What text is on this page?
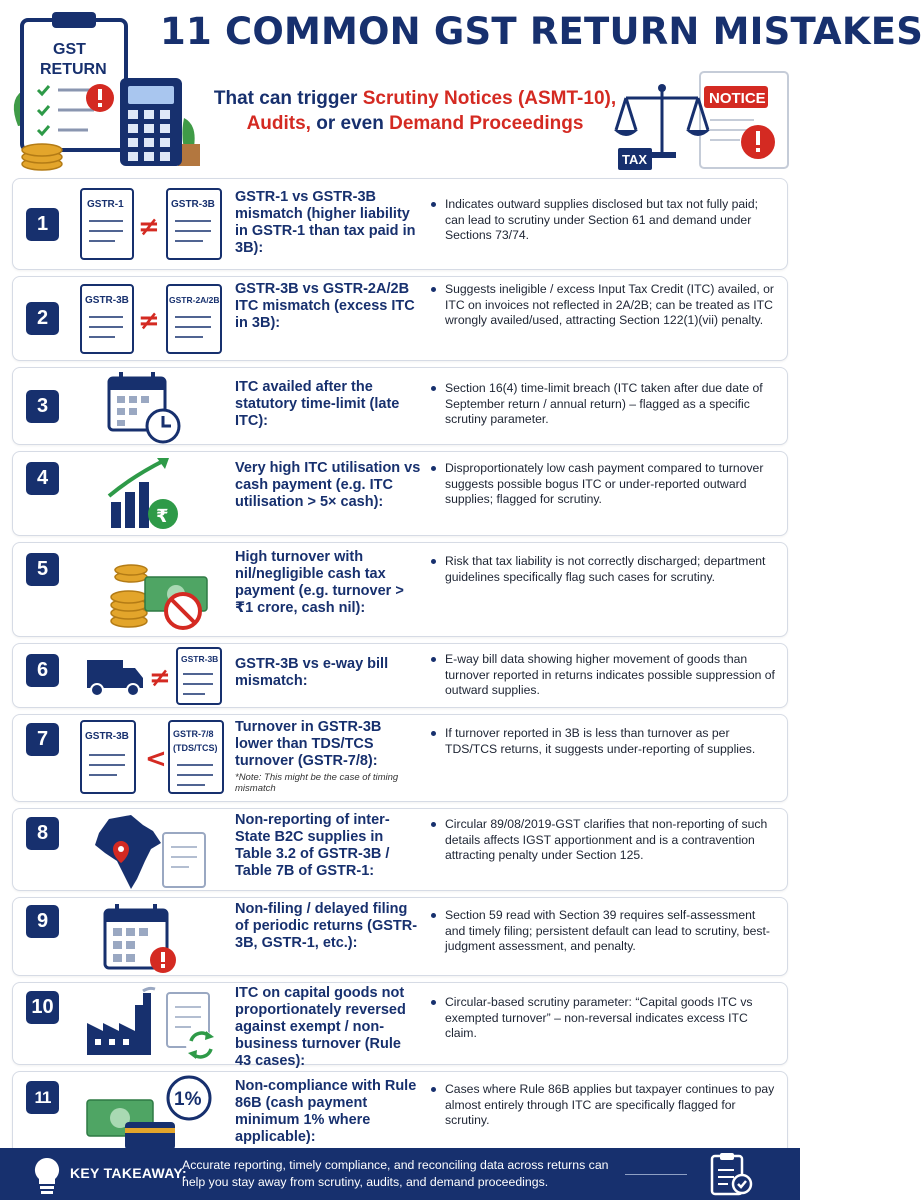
GST
RETURN
11 COMMON GST RETURN MISTAKES
That can trigger Scrutiny Notices (ASMT-10),
Audits, or even Demand Proceedings
NOTICE
TAX
1
GSTR-1
≠
GSTR-3B GSTR-1 vs GSTR-3B mismatch (higher liability in GSTR-1 than tax paid in 3B):
Indicates outward supplies disclosed but tax not fully paid; can lead to scrutiny under Section 61 and demand under Sections 73/74.
2
GSTR-3B
≠
GSTR-2A/2B
GSTR-3B vs GSTR-2A/2B ITC mismatch (excess ITC in 3B):
Suggests ineligible / excess Input Tax Credit (ITC) availed, or ITC on invoices not reflected in 2A/2B; can be treated as ITC wrongly availed/used, attracting Section 122(1)(vii) penalty.
3
ITC availed after the statutory time-limit (late ITC):
Section 16(4) time-limit breach (ITC taken after due date of September return / annual return) – flagged as a specific scrutiny parameter.
4
₹
Very high ITC utilisation vs cash payment (e.g. ITC utilisation > 5× cash):
Disproportionately low cash payment compared to turnover suggests possible bogus ITC or under-reported outward supplies; flagged for scrutiny.
5
High turnover with nil/negligible cash tax payment (e.g. turnover > ₹1 crore, cash nil):
Risk that tax liability is not correctly discharged; department guidelines specifically flag such cases for scrutiny.
6	≠
GSTR-3B GSTR-3B vs e-way bill mismatch:
E-way bill data showing higher movement of goods than turnover reported in returns indicates possible suppression of outward supplies.
7	GSTR-3B
<
GSTR-7/8
(TDS/TCS)
Turnover in GSTR-3B lower than TDS/TCS turnover (GSTR-7/8):
*Note: This might be the case of timing mismatch
If turnover reported in 3B is less than turnover as per TDS/TCS returns, it suggests under-reporting of supplies.
8
Non-reporting of inter-State B2C supplies in Table 3.2 of GSTR-3B / Table 7B of GSTR-1:
Circular 89/08/2019-GST clarifies that non-reporting of such details affects IGST apportionment and is a contravention attracting penalty under Section 125.
9
Non-filing / delayed filing of periodic returns (GSTR-3B, GSTR-1, etc.):
Section 59 read with Section 39 requires self-assessment and timely filing; persistent default can lead to scrutiny, best-judgment assessment, and penalty.
10
ITC on capital goods not proportionately reversed against exempt / non-business turnover (Rule 43 cases):
Circular-based scrutiny parameter: “Capital goods ITC vs exempted turnover” – non-reversal indicates excess ITC claim.
11	1%
Non-compliance with Rule 86B (cash payment minimum 1% where applicable):
Cases where Rule 86B applies but taxpayer continues to pay almost entirely through ITC are specifically flagged for scrutiny.
KEY TAKEAWAY:
Accurate reporting, timely compliance, and reconciling data across returns can help you stay away from scrutiny, audits, and demand proceedings.
